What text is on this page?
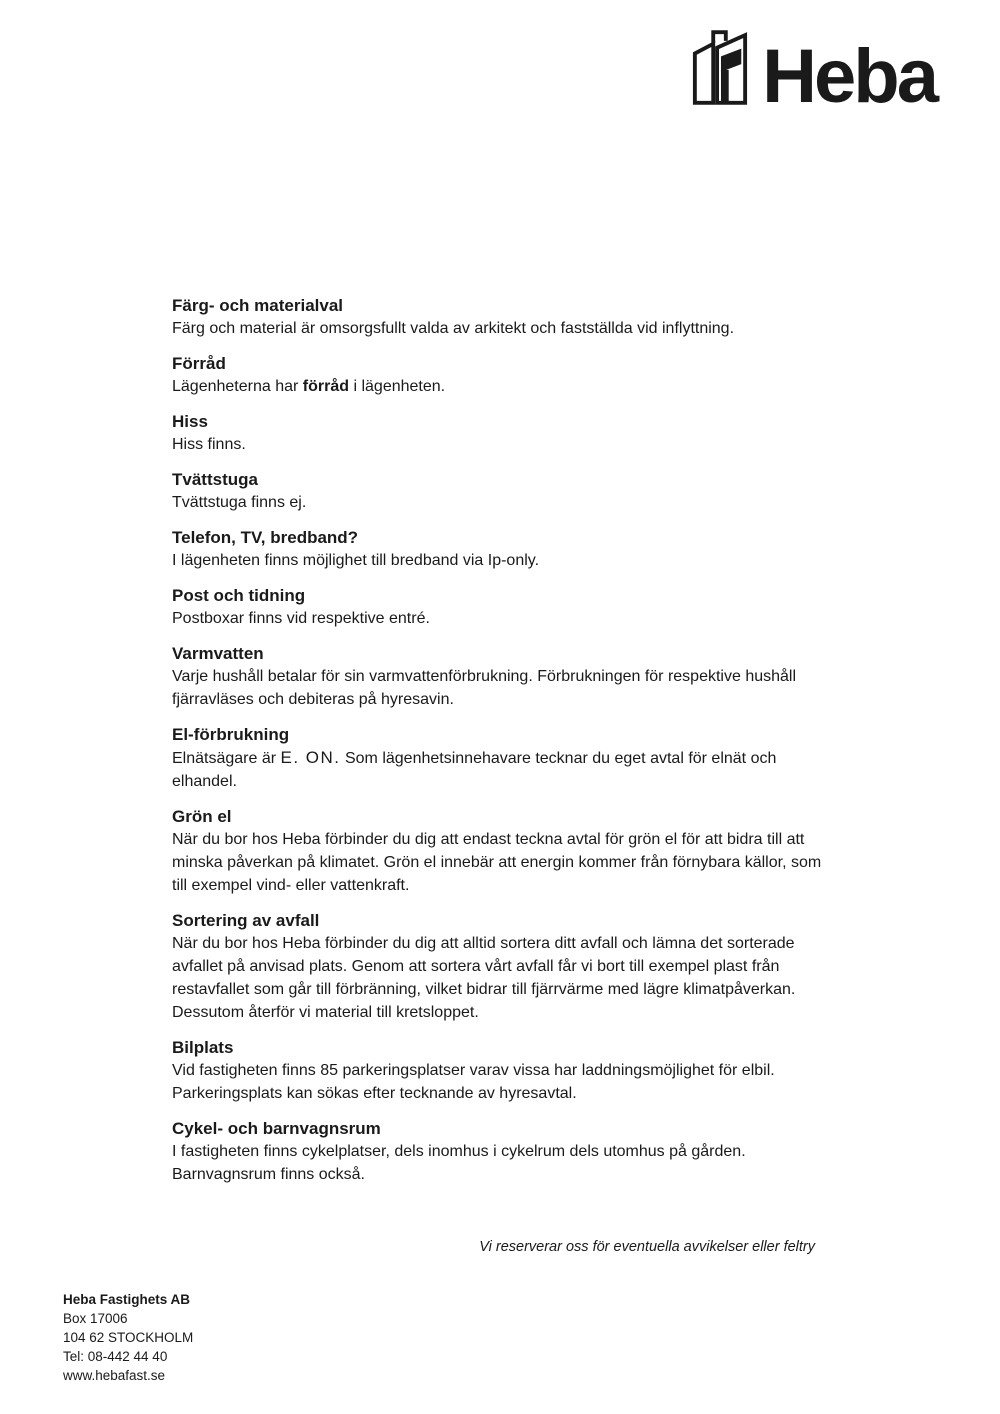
Heba
Färg- och materialval

Färg och material är omsorgsfullt valda av arkitekt och fastställda vid inflyttning.

Förråd

Lägenheterna har förråd i lägenheten.

Hiss

Hiss finns.

Tvättstuga

Tvättstuga finns ej.

Telefon, TV, bredband?

I lägenheten finns möjlighet till bredband via Ip-only.

Post och tidning

Postboxar finns vid respektive entré.

Varmvatten

Varje hushåll betalar för sin varmvattenförbrukning. Förbrukningen för respektive hushåll fjärravläses och debiteras på hyresavin.

El-förbrukning

Elnätsägare är E. ON. Som lägenhetsinnehavare tecknar du eget avtal för elnät och elhandel.

Grön el

När du bor hos Heba förbinder du dig att endast teckna avtal för grön el för att bidra till att minska påverkan på klimatet. Grön el innebär att energin kommer från förnybara källor, som till exempel vind- eller vattenkraft.

Sortering av avfall

När du bor hos Heba förbinder du dig att alltid sortera ditt avfall och lämna det sorterade avfallet på anvisad plats. Genom att sortera vårt avfall får vi bort till exempel plast från restavfallet som går till förbränning, vilket bidrar till fjärrvärme med lägre klimatpåverkan. Dessutom återför vi material till kretsloppet.

Bilplats

Vid fastigheten finns 85 parkeringsplatser varav vissa har laddningsmöjlighet för elbil. Parkeringsplats kan sökas efter tecknande av hyresavtal.

Cykel- och barnvagnsrum

I fastigheten finns cykelplatser, dels inomhus i cykelrum dels utomhus på gården. Barnvagnsrum finns också.

Vi reserverar oss för eventuella avvikelser eller feltry
Heba Fastighets AB
Box 17006
104 62 STOCKHOLM
Tel: 08-442 44 40
www.hebafast.se
